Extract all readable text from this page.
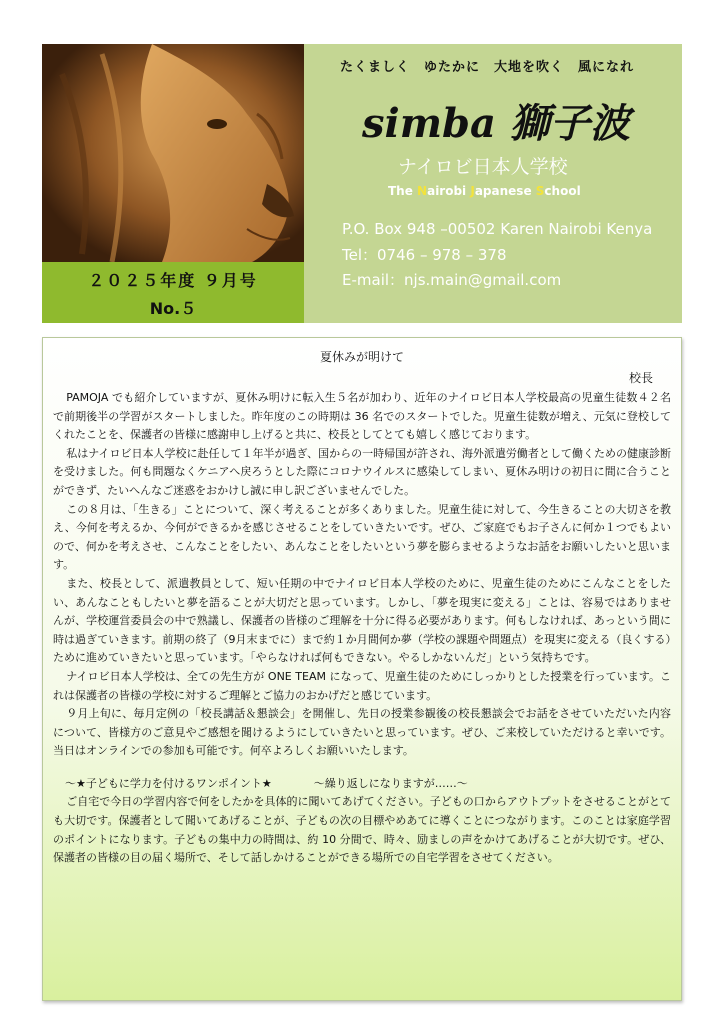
２０２５年度 ９月号
No.５
たくましく　ゆたかに　大地を吹く　風になれ
simba 獅子波
ナイロビ日本人学校
The Nairobi Japanese School
P.O. Box 948 –00502 Karen Nairobi Kenya
Tel：0746 – 978 – 378
E-mail：njs.main@gmail.com
夏休みが明けて
校長

PAMOJA でも紹介していますが、夏休み明けに転入生５名が加わり、近年のナイロビ日本人学校最高の児童生徒数４２名で前期後半の学習がスタートしました。昨年度のこの時期は 36 名でのスタートでした。児童生徒数が増え、元気に登校してくれたことを、保護者の皆様に感謝申し上げると共に、校長としてとても嬉しく感じております。

私はナイロビ日本人学校に赴任して１年半が過ぎ、国からの一時帰国が許され、海外派遣労働者として働くための健康診断を受けました。何も問題なくケニアへ戻ろうとした際にコロナウイルスに感染してしまい、夏休み明けの初日に間に合うことができず、たいへんなご迷惑をおかけし誠に申し訳ございませんでした。

この８月は、「生きる」ことについて、深く考えることが多くありました。児童生徒に対して、今生きることの大切さを教え、今何を考えるか、今何ができるかを感じさせることをしていきたいです。ぜひ、ご家庭でもお子さんに何か１つでもよいので、何かを考えさせ、こんなことをしたい、あんなことをしたいという夢を膨らませるようなお話をお願いしたいと思います。

また、校長として、派遣教員として、短い任期の中でナイロビ日本人学校のために、児童生徒のためにこんなことをしたい、あんなこともしたいと夢を語ることが大切だと思っています。しかし、「夢を現実に変える」ことは、容易ではありませんが、学校運営委員会の中で熟議し、保護者の皆様のご理解を十分に得る必要があります。何もしなければ、あっという間に時は過ぎていきます。前期の終了（9月末までに）まで約１か月間何か夢（学校の課題や問題点）を現実に変える（良くする）ために進めていきたいと思っています。「やらなければ何もできない。やるしかないんだ」という気持ちです。

ナイロビ日本人学校は、全ての先生方が ONE TEAM になって、児童生徒のためにしっかりとした授業を行っています。これは保護者の皆様の学校に対するご理解とご協力のおかげだと感じています。

９月上旬に、毎月定例の「校長講話＆懇談会」を開催し、先日の授業参観後の校長懇談会でお話をさせていただいた内容について、皆様方のご意見やご感想を聞けるようにしていきたいと思っています。ぜひ、ご来校していただけると幸いです。当日はオンラインでの参加も可能です。何卒よろしくお願いいたします。

～★子どもに学力を付けるワンポイント★	～繰り返しになりますが……～

ご自宅で今日の学習内容で何をしたかを具体的に聞いてあげてください。子どもの口からアウトプットをさせることがとても大切です。保護者として聞いてあげることが、子どもの次の目標やめあてに導くことにつながります。このことは家庭学習のポイントになります。子どもの集中力の時間は、約 10 分間で、時々、励ましの声をかけてあげることが大切です。ぜひ、保護者の皆様の目の届く場所で、そして話しかけることができる場所での自宅学習をさせてください。
